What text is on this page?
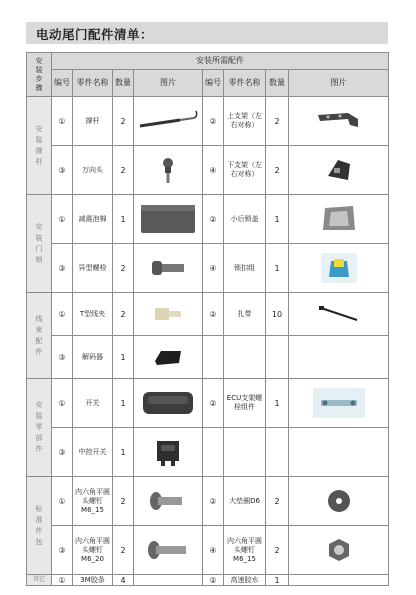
电动尾门配件清单：
安装步骤	安装所需配件							
	编号	零件名称	数量	图片	编号	零件名称	数量	图片
安装撑杆	①	撑杆	2		②	上支架（左右对称）	2	

	③	万向头	2		④	下支架（左右对称）	2	

安装门锁	①	减震泡棉	1		②	小后锁盖	1	

	③	异型螺栓	2		④	锁扣组	1	

线束配件	①	T型线夹	2		②	扎带	10	

	③	解码器	1	

安装零部件	①	开关	1		②	ECU支架螺栓组件	1	

	③	中控开关	1	

标准件包	①	内六角平圆头螺钉M6_15	2		②	大垫圈D6	2	

	③	内六角平圆头螺钉M6_20	2		④	内六角平圆头螺钉M6_15	2	

其它	①	3M胶条	4		②	高速胶水	1	
